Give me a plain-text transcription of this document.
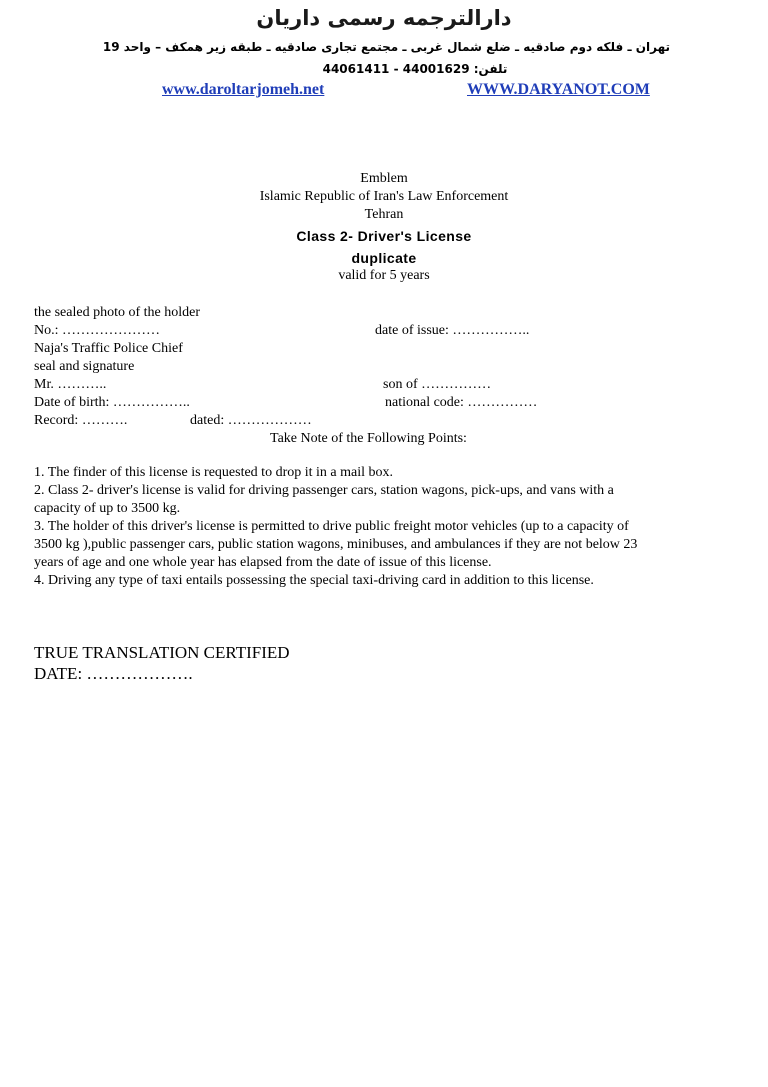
دارالترجمه رسمی داریان
تهران ـ فلکه دوم صادقیه ـ ضلع شمال غربی ـ مجتمع تجاری صادقیه ـ طبقه زیر همکف – واحد 19
تلفن: 44001629 - 44061411
www.daroltarjomeh.net	WWW.DARYANOT.COM
Emblem
Islamic Republic of Iran's Law Enforcement
Tehran
Class 2- Driver's License
duplicate
valid for 5 years
the sealed photo of the holder
No.: …………………	date of issue: ……………..
Naja's Traffic Police Chief
seal and signature
Mr. ………..	son of ……………
Date of birth: ……………..	national code: ……………
Record: ……….	dated: ………………
Take Note of the Following Points:
1. The finder of this license is requested to drop it in a mail box.
2. Class 2- driver's license is valid for driving passenger cars, station wagons, pick-ups, and vans with a
capacity of up to 3500 kg.
3. The holder of this driver's license is permitted to drive public freight motor vehicles (up to a capacity of
3500 kg ),public passenger cars, public station wagons, minibuses, and ambulances if they are not below 23
years of age and one whole year has elapsed from the date of issue of this license.
4. Driving any type of taxi entails possessing the special taxi-driving card in addition to this license.
TRUE TRANSLATION CERTIFIED
DATE: ……………….
